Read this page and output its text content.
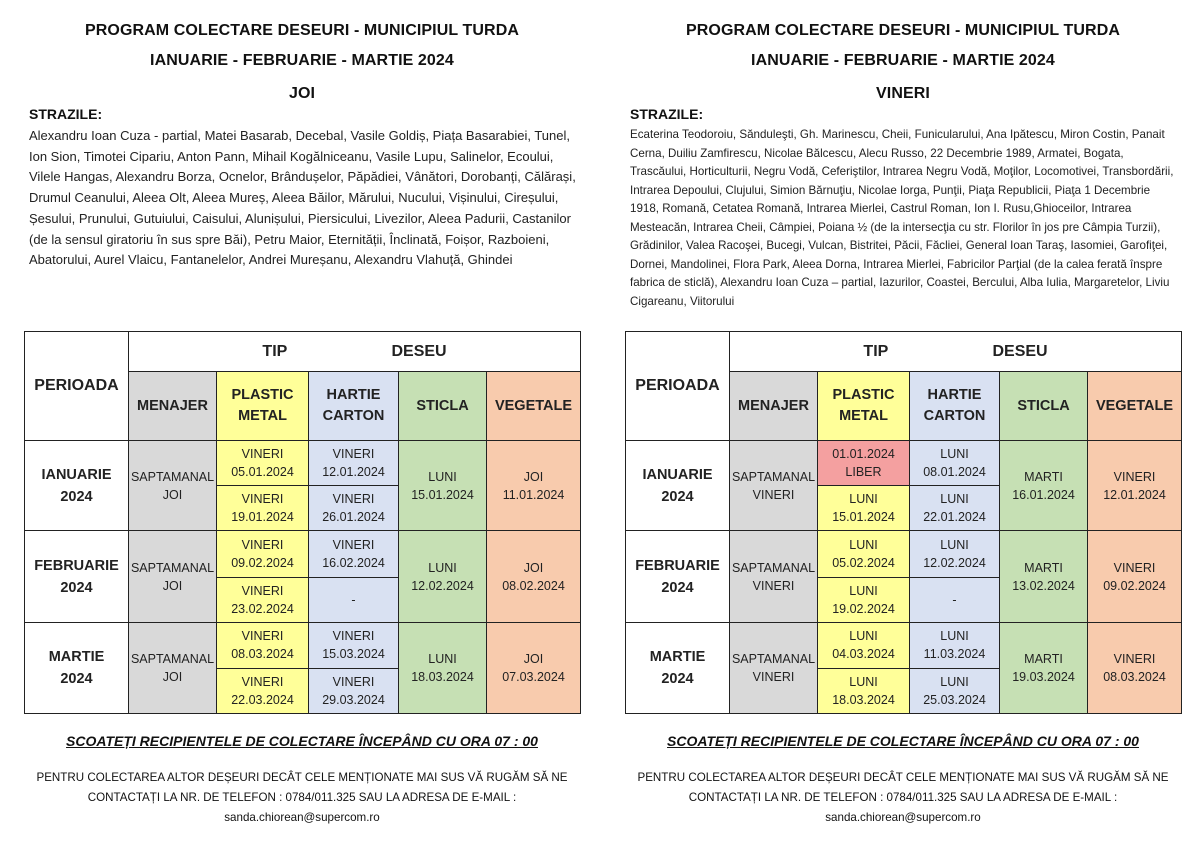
PROGRAM COLECTARE DESEURI - MUNICIPIUL TURDA
IANUARIE - FEBRUARIE - MARTIE 2024
JOI
STRAZILE:
Alexandru Ioan Cuza - partial, Matei Basarab, Decebal, Vasile Goldiș, Piața Basarabiei, Tunel, Ion Sion, Timotei Cipariu, Anton Pann, Mihail Kogălniceanu, Vasile Lupu, Salinelor, Ecoului, Vilele Hangas, Alexandru Borza, Ocnelor, Brândușelor, Păpădiei, Vânători, Dorobanți, Călărași, Drumul Ceanului, Aleea Olt, Aleea Mureș, Aleea Băilor, Mărului, Nucului, Vișinului, Cireșului, Șesului, Prunului, Gutuiului, Caisului, Alunișului, Piersicului, Livezilor, Aleea Padurii, Castanilor (de la sensul giratoriu în sus spre Băi), Petru Maior, Eternității, Înclinată, Foișor, Razboieni, Abatorului, Aurel Vlaicu, Fantanelelor, Andrei Mureșanu, Alexandru Vlahuță, Ghindei
PERIOADA	TIP DESEU				
	MENAJER	PLASTIC METAL	HARTIE CARTON	STICLA	VEGETALE
IANUARIE 2024	SAPTAMANAL JOI	VINERI 05.01.2024	VINERI 12.01.2024	LUNI 15.01.2024	JOI 11.01.2024
		VINERI 19.01.2024	VINERI 26.01.2024		
FEBRUARIE 2024	SAPTAMANAL JOI	VINERI 09.02.2024	VINERI 16.02.2024	LUNI 12.02.2024	JOI 08.02.2024
		VINERI 23.02.2024	-		
MARTIE 2024	SAPTAMANAL JOI	VINERI 08.03.2024	VINERI 15.03.2024	LUNI 18.03.2024	JOI 07.03.2024
		VINERI 22.03.2024	VINERI 29.03.2024		
SCOATEȚI RECIPIENTELE DE COLECTARE ÎNCEPÂND CU ORA 07 : 00
PENTRU COLECTAREA ALTOR DEȘEURI DECÂT CELE MENȚIONATE MAI SUS VĂ RUGĂM SĂ NE
CONTACTAȚI LA NR. DE TELEFON : 0784/011.325 SAU LA ADRESA DE E-MAIL :
sanda.chiorean@supercom.ro
PROGRAM COLECTARE DESEURI - MUNICIPIUL TURDA
IANUARIE - FEBRUARIE - MARTIE 2024
VINERI
STRAZILE:
Ecaterina Teodoroiu, Sănduleşti, Gh. Marinescu, Cheii, Funicularului, Ana Ipătescu, Miron Costin, Panait Cerna, Duiliu Zamfirescu, Nicolae Bălcescu, Alecu Russo, 22 Decembrie 1989, Armatei, Bogata, Trascăului, Horticulturii, Negru Vodă, Ceferiştilor, Intrarea Negru Vodă, Moţilor, Locomotivei, Transbordării, Intrarea Depoului, Clujului, Simion Bărnuţiu, Nicolae Iorga, Punţii, Piaţa Republicii, Piaţa 1 Decembrie 1918, Romană, Cetatea Romană, Intrarea Mierlei, Castrul Roman, Ion I. Rusu,Ghioceilor, Intrarea Mesteacăn, Intrarea Cheii, Câmpiei, Poiana ½ (de la intersecţia cu str. Florilor în jos pre Câmpia Turzii), Grădinilor, Valea Racoşei, Bucegi, Vulcan, Bistritei, Păcii, Făcliei, General Ioan Taraş, Iasomiei, Garofiţei, Dornei, Mandolinei, Flora Park, Aleea Dorna, Intrarea Mierlei, Fabricilor Parţial (de la calea ferată înspre fabrica de sticlă), Alexandru Ioan Cuza – partial, Iazurilor, Coastei, Bercului, Alba Iulia, Margaretelor, Liviu Cigareanu, Viitorului
PERIOADA	TIP DESEU				
	MENAJER	PLASTIC METAL	HARTIE CARTON	STICLA	VEGETALE
IANUARIE 2024	SAPTAMANAL VINERI	01.01.2024 LIBER	LUNI 08.01.2024	MARTI 16.01.2024	VINERI 12.01.2024
		LUNI 15.01.2024	LUNI 22.01.2024		
FEBRUARIE 2024	SAPTAMANAL VINERI	LUNI 05.02.2024	LUNI 12.02.2024	MARTI 13.02.2024	VINERI 09.02.2024
		LUNI 19.02.2024	-		
MARTIE 2024	SAPTAMANAL VINERI	LUNI 04.03.2024	LUNI 11.03.2024	MARTI 19.03.2024	VINERI 08.03.2024
		LUNI 18.03.2024	LUNI 25.03.2024		
SCOATEȚI RECIPIENTELE DE COLECTARE ÎNCEPÂND CU ORA 07 : 00
PENTRU COLECTAREA ALTOR DEȘEURI DECÂT CELE MENȚIONATE MAI SUS VĂ RUGĂM SĂ NE
CONTACTAȚI LA NR. DE TELEFON : 0784/011.325 SAU LA ADRESA DE E-MAIL :
sanda.chiorean@supercom.ro
